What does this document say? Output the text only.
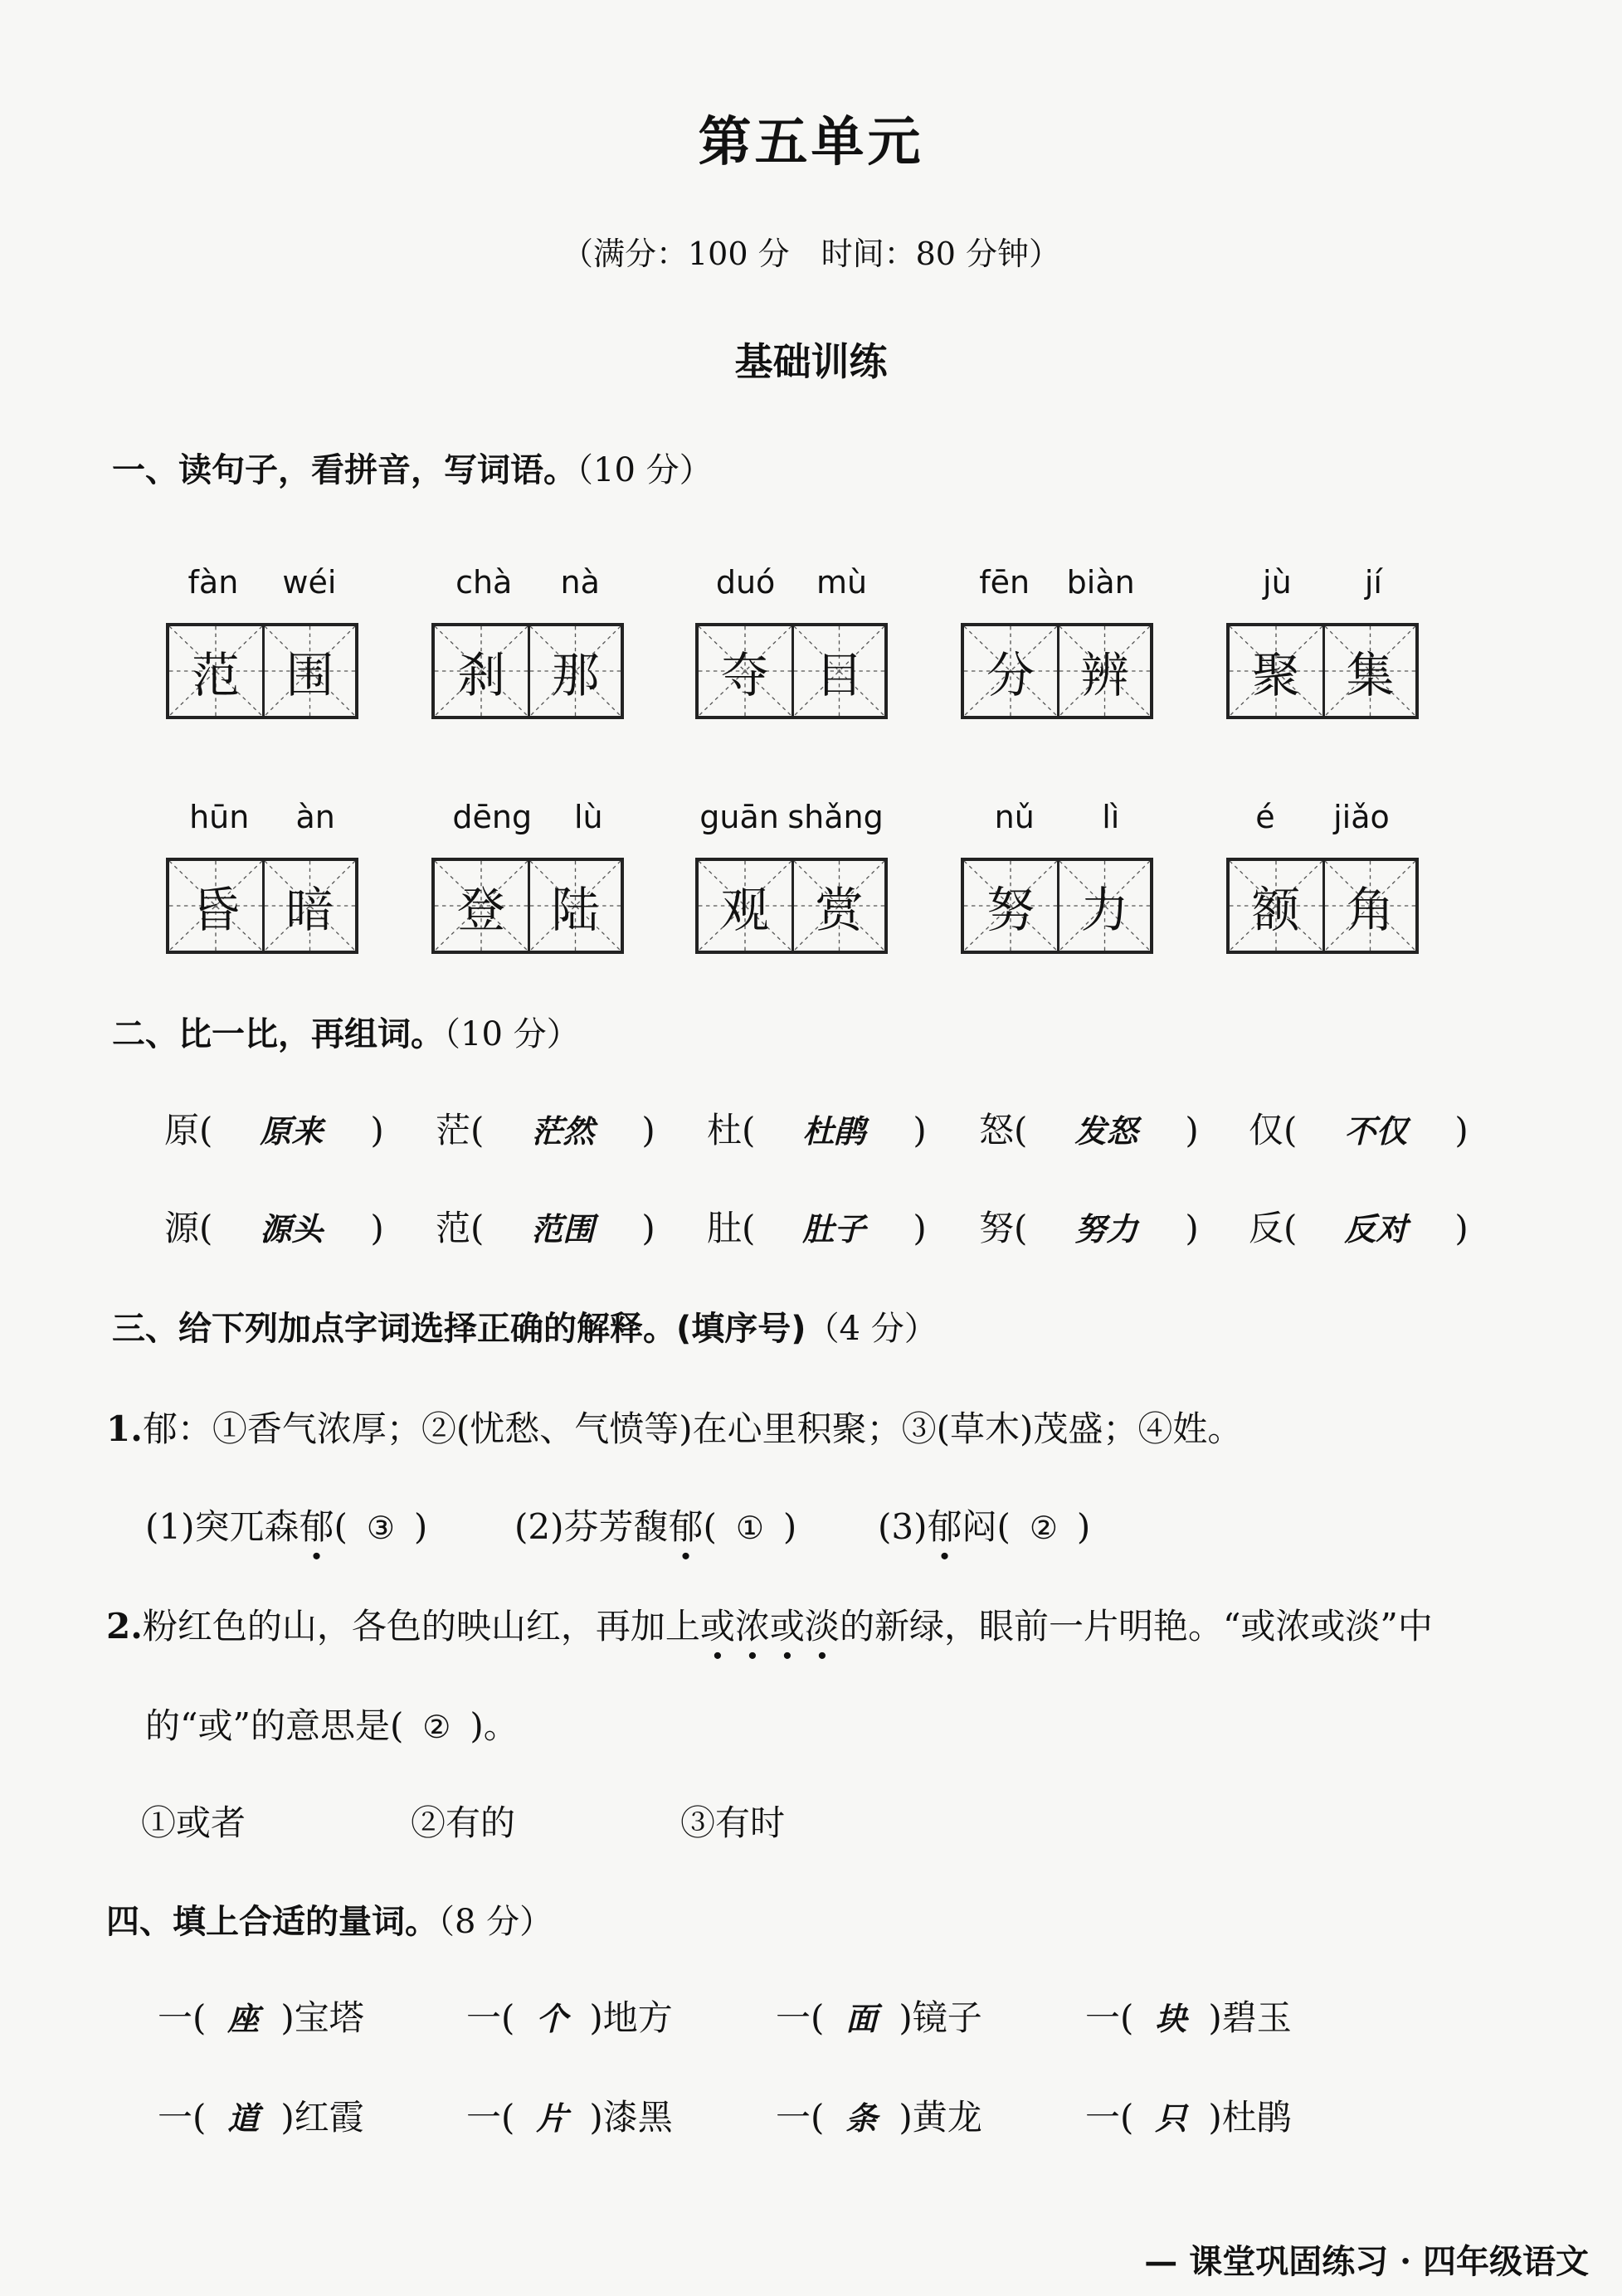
第五单元
（满分：100 分　时间：80 分钟）
基础训练
一、读句子，看拼音，写词语。（10 分）
fàn wéi
范 围
chà nà
刹 那
duó mù
夺 目
fēn biàn
分 辨
jù jí
聚 集
hūn àn
昏 暗
dēng lù
登 陆
guān shǎng
观 赏
nǔ lì
努 力
é jiǎo
额 角
二、比一比，再组词。（10 分）
原( 原来 ) 茫( 茫然 ) 杜( 杜鹃 ) 怒( 发怒 ) 仅( 不仅 )
源( 源头 ) 范( 范围 ) 肚( 肚子 ) 努( 努力 ) 反( 反对 )
三、给下列加点字词选择正确的解释。(填序号)（4 分）
1.郁：①香气浓厚；②(忧愁、气愤等)在心里积聚；③(草木)茂盛；④姓。
(1)突兀森郁( ③ ) (2)芬芳馥郁( ① ) (3)郁闷( ② )
2.粉红色的山，各色的映山红，再加上或浓或淡的新绿，眼前一片明艳。“或浓或淡”中
的“或”的意思是( ② )。
①或者	②有的	③有时
四、填上合适的量词。（8 分）
一( 座 )宝塔	一( 个 )地方	一( 面 )镜子	一( 块 )碧玉
一( 道 )红霞	一( 片 )漆黑	一( 条 )黄龙	一( 只 )杜鹃
— 课堂巩固练习 · 四年级语文
